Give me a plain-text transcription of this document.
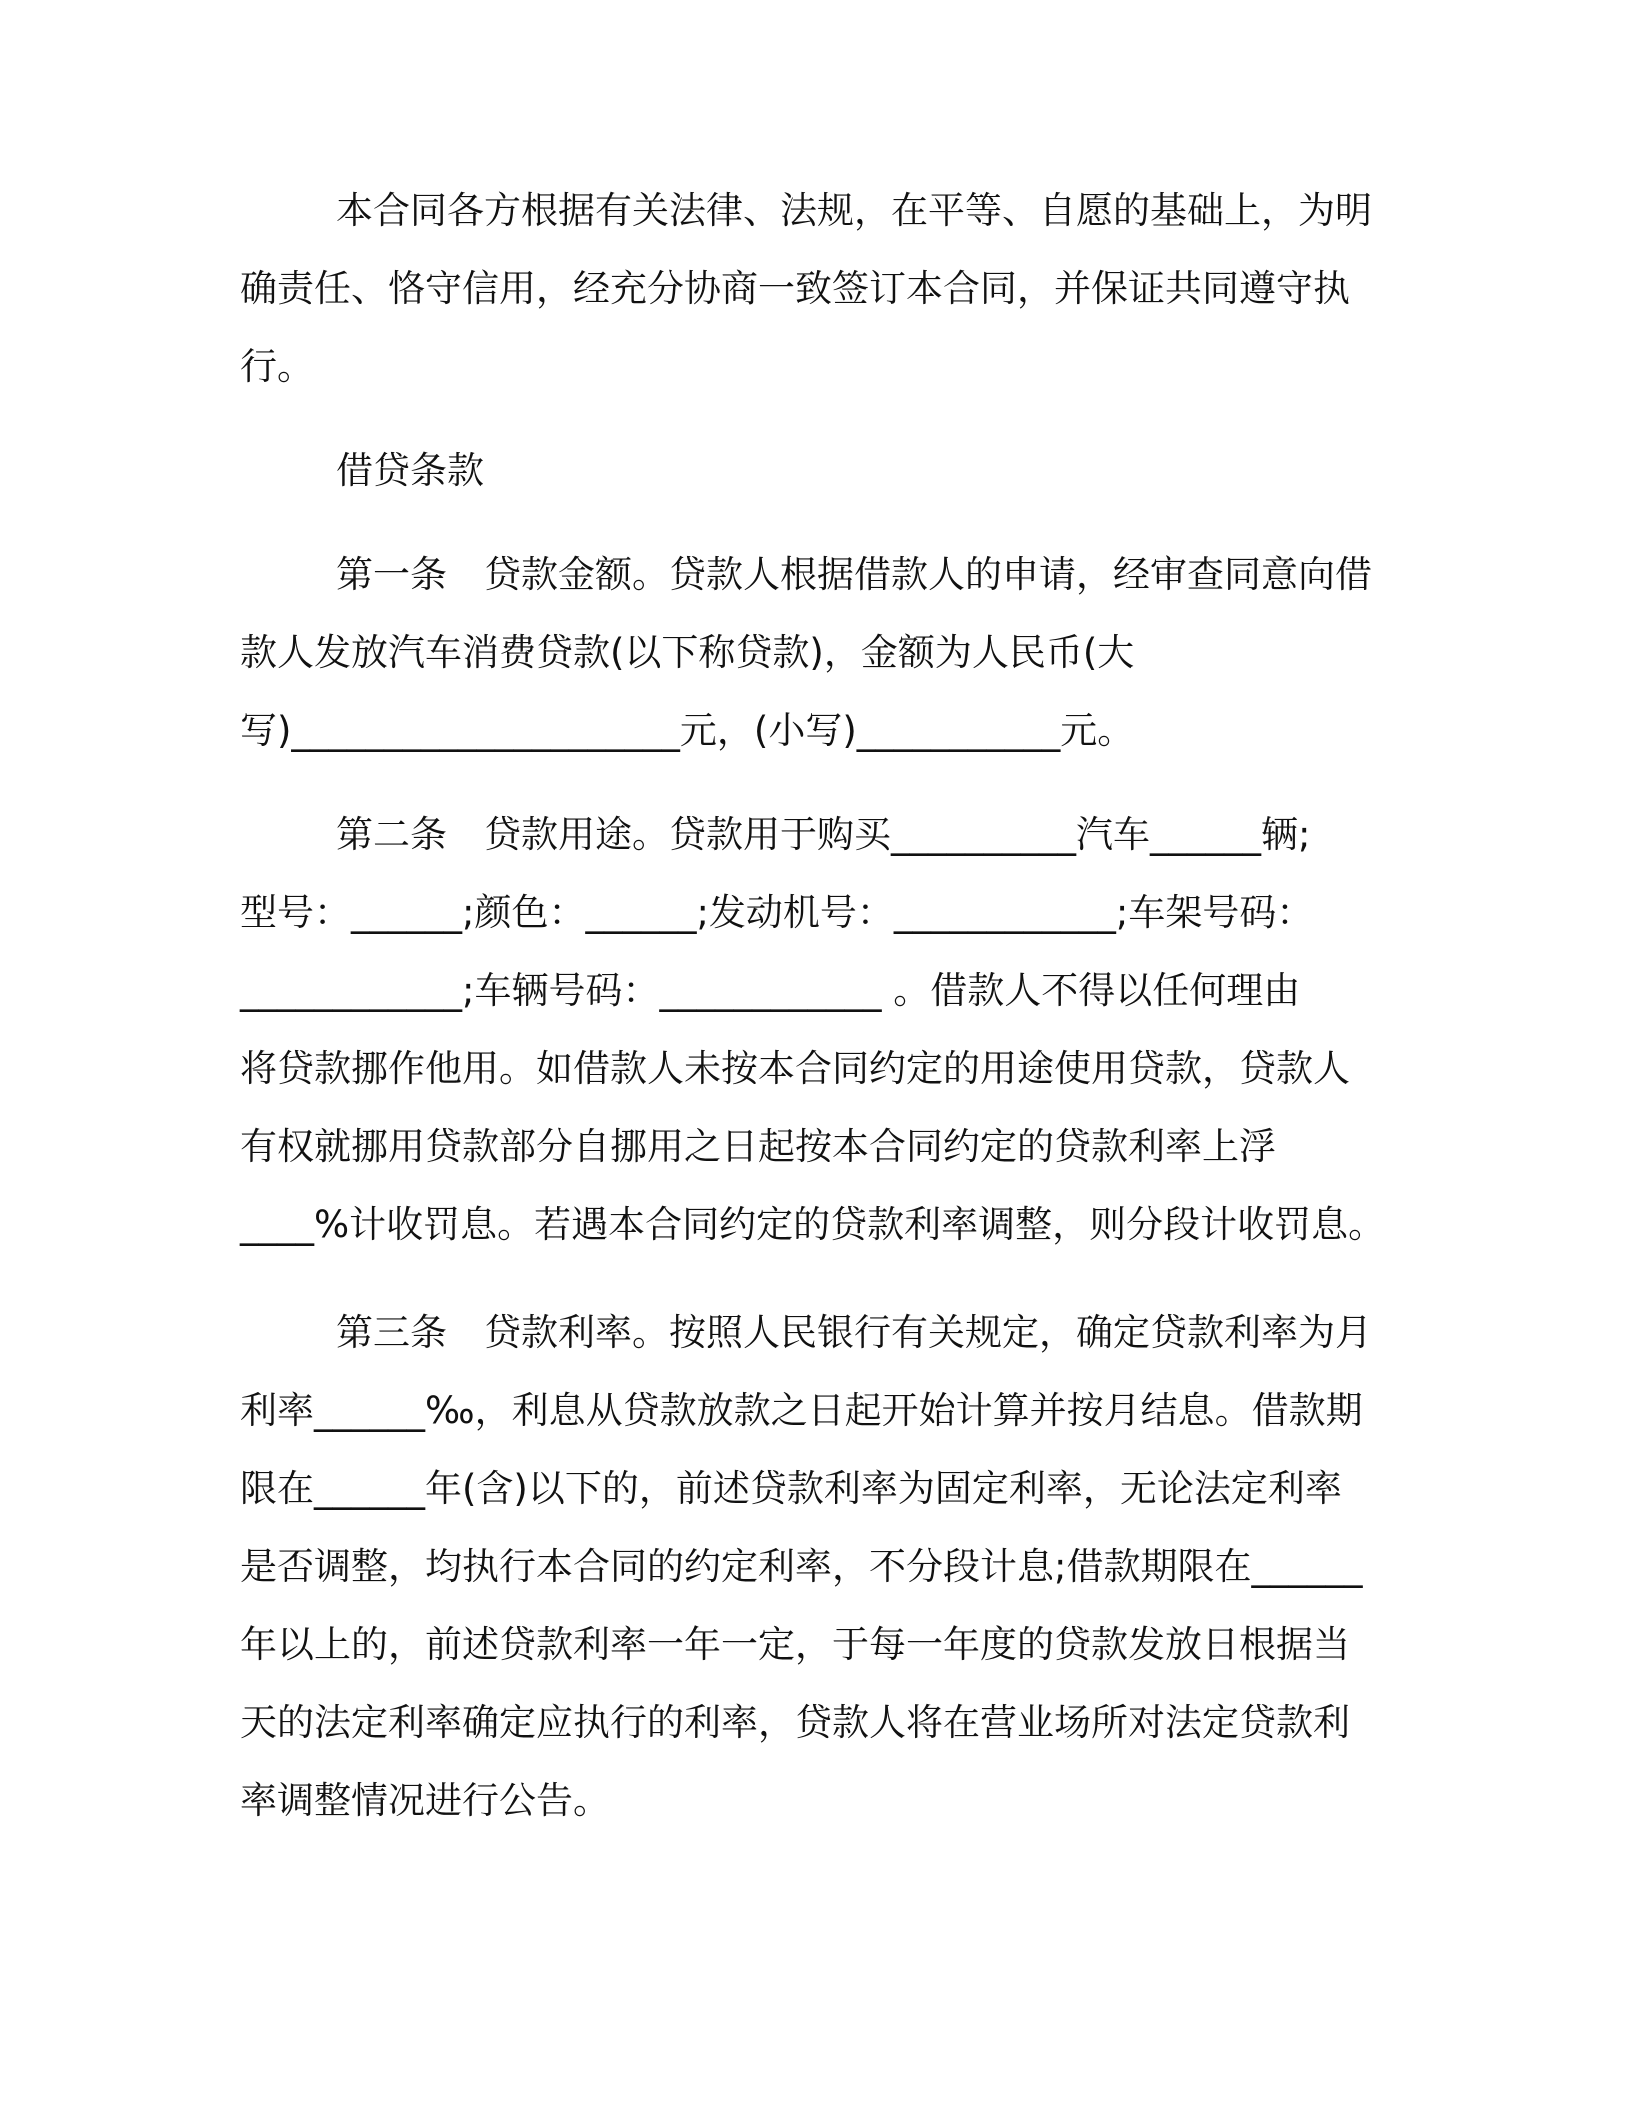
本合同各方根据有关法律、法规，在平等、自愿的基础上，为明
确责任、恪守信用，经充分协商一致签订本合同，并保证共同遵守执
行。
借贷条款
第一条　贷款金额。贷款人根据借款人的申请，经审查同意向借
款人发放汽车消费贷款(以下称贷款)，金额为人民币(大
写)_____________________元，(小写)___________元。
第二条　贷款用途。贷款用于购买__________汽车______辆;
型号：______;颜色：______;发动机号：____________;车架号码：
____________;车辆号码：____________ 。借款人不得以任何理由
将贷款挪作他用。如借款人未按本合同约定的用途使用贷款，贷款人
有权就挪用贷款部分自挪用之日起按本合同约定的贷款利率上浮
____%计收罚息。若遇本合同约定的贷款利率调整，则分段计收罚息。
第三条　贷款利率。按照人民银行有关规定，确定贷款利率为月
利率______‰，利息从贷款放款之日起开始计算并按月结息。借款期
限在______年(含)以下的，前述贷款利率为固定利率，无论法定利率
是否调整，均执行本合同的约定利率，不分段计息;借款期限在______
年以上的，前述贷款利率一年一定，于每一年度的贷款发放日根据当
天的法定利率确定应执行的利率，贷款人将在营业场所对法定贷款利
率调整情况进行公告。
